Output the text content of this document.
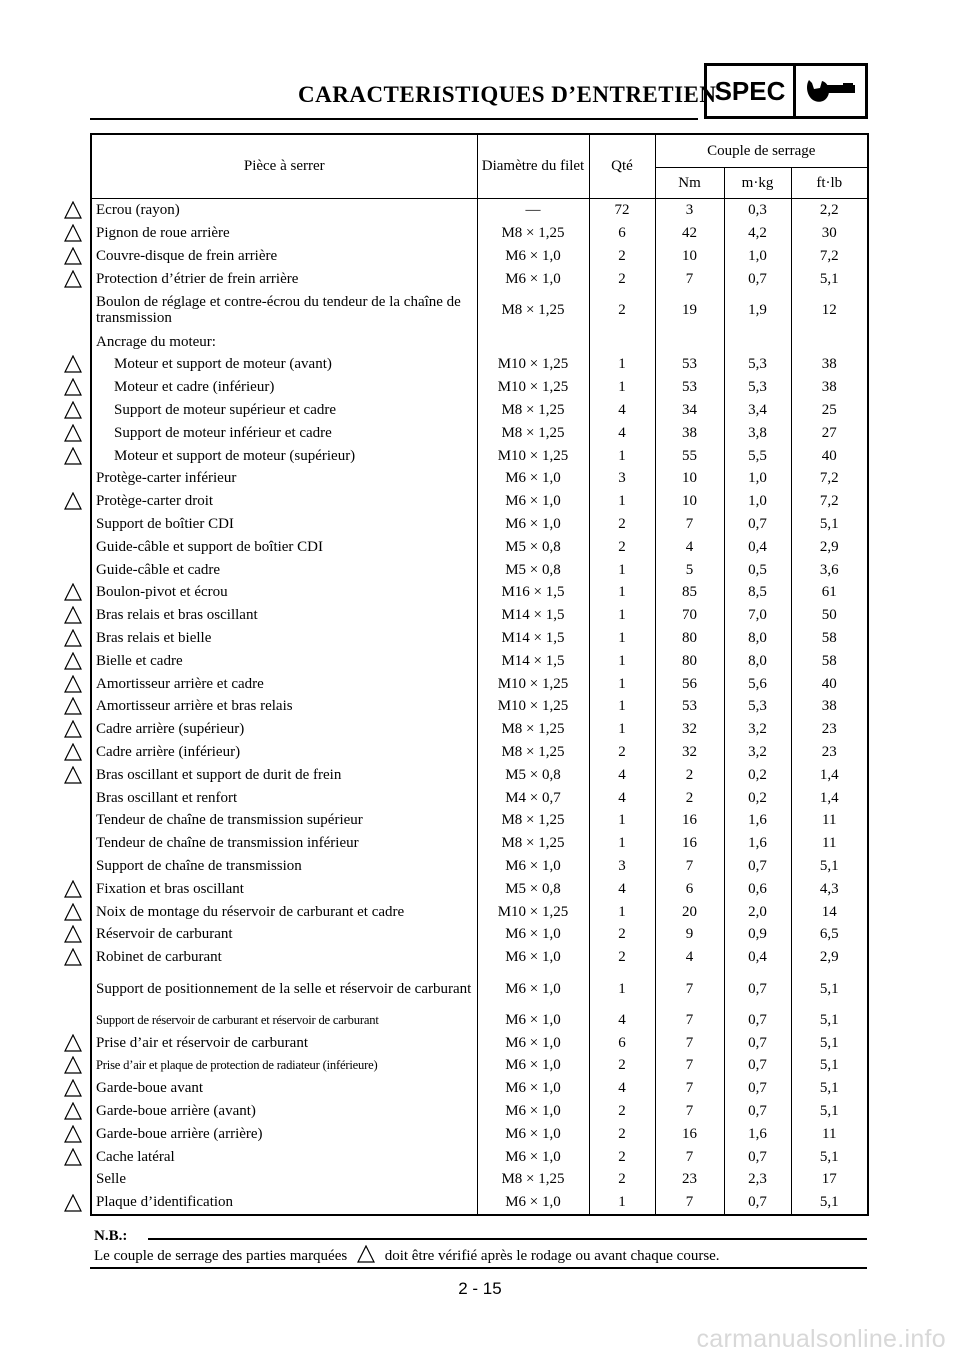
CARACTERISTIQUES D’ENTRETIEN
SPEC
Pièce à serrer	Diamètre du filet	Qté	Couple de serrage		
			Nm	m·kg	ft·lb
Ecrou (rayon)	—	72	3	0,3	2,2
Pignon de roue arrière	M8 × 1,25	6	42	4,2	30
Couvre-disque de frein arrière	M6 × 1,0	2	10	1,0	7,2
Protection d’étrier de frein arrière	M6 × 1,0	2	7	0,7	5,1
Boulon de réglage et contre-écrou du tendeur de la chaîne de transmission	M8 × 1,25	2	19	1,9	12
Ancrage du moteur:					
Moteur et support de moteur (avant)	M10 × 1,25	1	53	5,3	38
Moteur et cadre (inférieur)	M10 × 1,25	1	53	5,3	38
Support de moteur supérieur et cadre	M8 × 1,25	4	34	3,4	25
Support de moteur inférieur et cadre	M8 × 1,25	4	38	3,8	27
Moteur et support de moteur (supérieur)	M10 × 1,25	1	55	5,5	40
Protège-carter inférieur	M6 × 1,0	3	10	1,0	7,2
Protège-carter droit	M6 × 1,0	1	10	1,0	7,2
Support de boîtier CDI	M6 × 1,0	2	7	0,7	5,1
Guide-câble et support de boîtier CDI	M5 × 0,8	2	4	0,4	2,9
Guide-câble et cadre	M5 × 0,8	1	5	0,5	3,6
Boulon-pivot et écrou	M16 × 1,5	1	85	8,5	61
Bras relais et bras oscillant	M14 × 1,5	1	70	7,0	50
Bras relais et bielle	M14 × 1,5	1	80	8,0	58
Bielle et cadre	M14 × 1,5	1	80	8,0	58
Amortisseur arrière et cadre	M10 × 1,25	1	56	5,6	40
Amortisseur arrière et bras relais	M10 × 1,25	1	53	5,3	38
Cadre arrière (supérieur)	M8 × 1,25	1	32	3,2	23
Cadre arrière (inférieur)	M8 × 1,25	2	32	3,2	23
Bras oscillant et support de durit de frein	M5 × 0,8	4	2	0,2	1,4
Bras oscillant et renfort	M4 × 0,7	4	2	0,2	1,4
Tendeur de chaîne de transmission supérieur	M8 × 1,25	1	16	1,6	11
Tendeur de chaîne de transmission inférieur	M8 × 1,25	1	16	1,6	11
Support de chaîne de transmission	M6 × 1,0	3	7	0,7	5,1
Fixation et bras oscillant	M5 × 0,8	4	6	0,6	4,3
Noix de montage du réservoir de carburant et cadre	M10 × 1,25	1	20	2,0	14
Réservoir de carburant	M6 × 1,0	2	9	0,9	6,5
Robinet de carburant	M6 × 1,0	2	4	0,4	2,9
Support de positionnement de la selle et réservoir de carburant	M6 × 1,0	1	7	0,7	5,1
Support de réservoir de carburant et réservoir de carburant	M6 × 1,0	4	7	0,7	5,1
Prise d’air et réservoir de carburant	M6 × 1,0	6	7	0,7	5,1
Prise d’air et plaque de protection de radiateur (inférieure)	M6 × 1,0	2	7	0,7	5,1
Garde-boue avant	M6 × 1,0	4	7	0,7	5,1
Garde-boue arrière (avant)	M6 × 1,0	2	7	0,7	5,1
Garde-boue arrière (arrière)	M6 × 1,0	2	16	1,6	11
Cache latéral	M6 × 1,0	2	7	0,7	5,1
Selle	M8 × 1,25	2	23	2,3	17
Plaque d’identification	M6 × 1,0	1	7	0,7	5,1
N.B.:
Le couple de serrage des parties marquées	doit être vérifié après le rodage ou avant chaque course.
2 - 15
carmanualsonline.info
